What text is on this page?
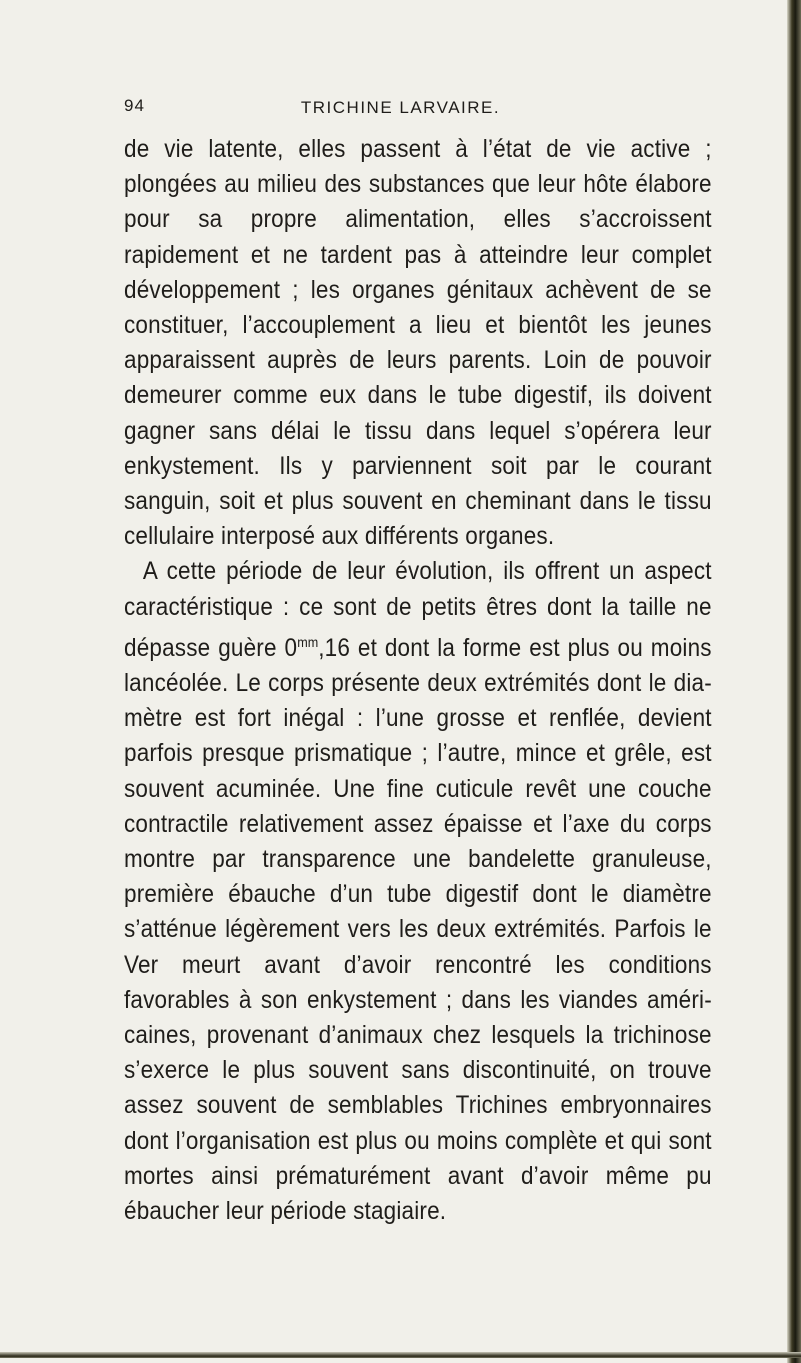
94	TRICHINE LARVAIRE.

de vie latente, elles passent à l’état de vie active ; plongées au milieu des substances que leur hôte élabore pour sa propre alimentation, elles s’accroissent rapidement et ne tardent pas à atteindre leur complet développement ; les organes génitaux achèvent de se constituer, l’accouplement a lieu et bientôt les jeunes apparaissent auprès de leurs parents. Loin de pouvoir demeurer comme eux dans le tube digestif, ils doivent gagner sans délai le tissu dans lequel s’opérera leur enkystement. Ils y parviennent soit par le courant sanguin, soit et plus souvent en cheminant dans le tissu cellulaire interposé aux différents organes.

A cette période de leur évolution, ils offrent un aspect caractéristique : ce sont de petits êtres dont la taille ne dépasse guère $0^{mm},16$ et dont la forme est plus ou moins lancéolée. Le corps présente deux extrémités dont le diamètre est fort inégal : l’une grosse et renflée, devient parfois presque prismatique ; l’autre, mince et grêle, est souvent acuminée. Une fine cuticule revêt une couche contractile relativement assez épaisse et l’axe du corps montre par transparence une bandelette granuleuse, première ébauche d’un tube digestif dont le diamètre s’atténue légèrement vers les deux extrémités. Parfois le Ver meurt avant d’avoir rencontré les conditions favorables à son enkystement ; dans les viandes américaines, provenant d’animaux chez lesquels la trichinose s’exerce le plus souvent sans discontinuité, on trouve assez souvent de semblables Trichines embryonnaires dont l’organisation est plus ou moins complète et qui sont mortes ainsi prématurément avant d’avoir même pu ébaucher leur période stagiaire.
